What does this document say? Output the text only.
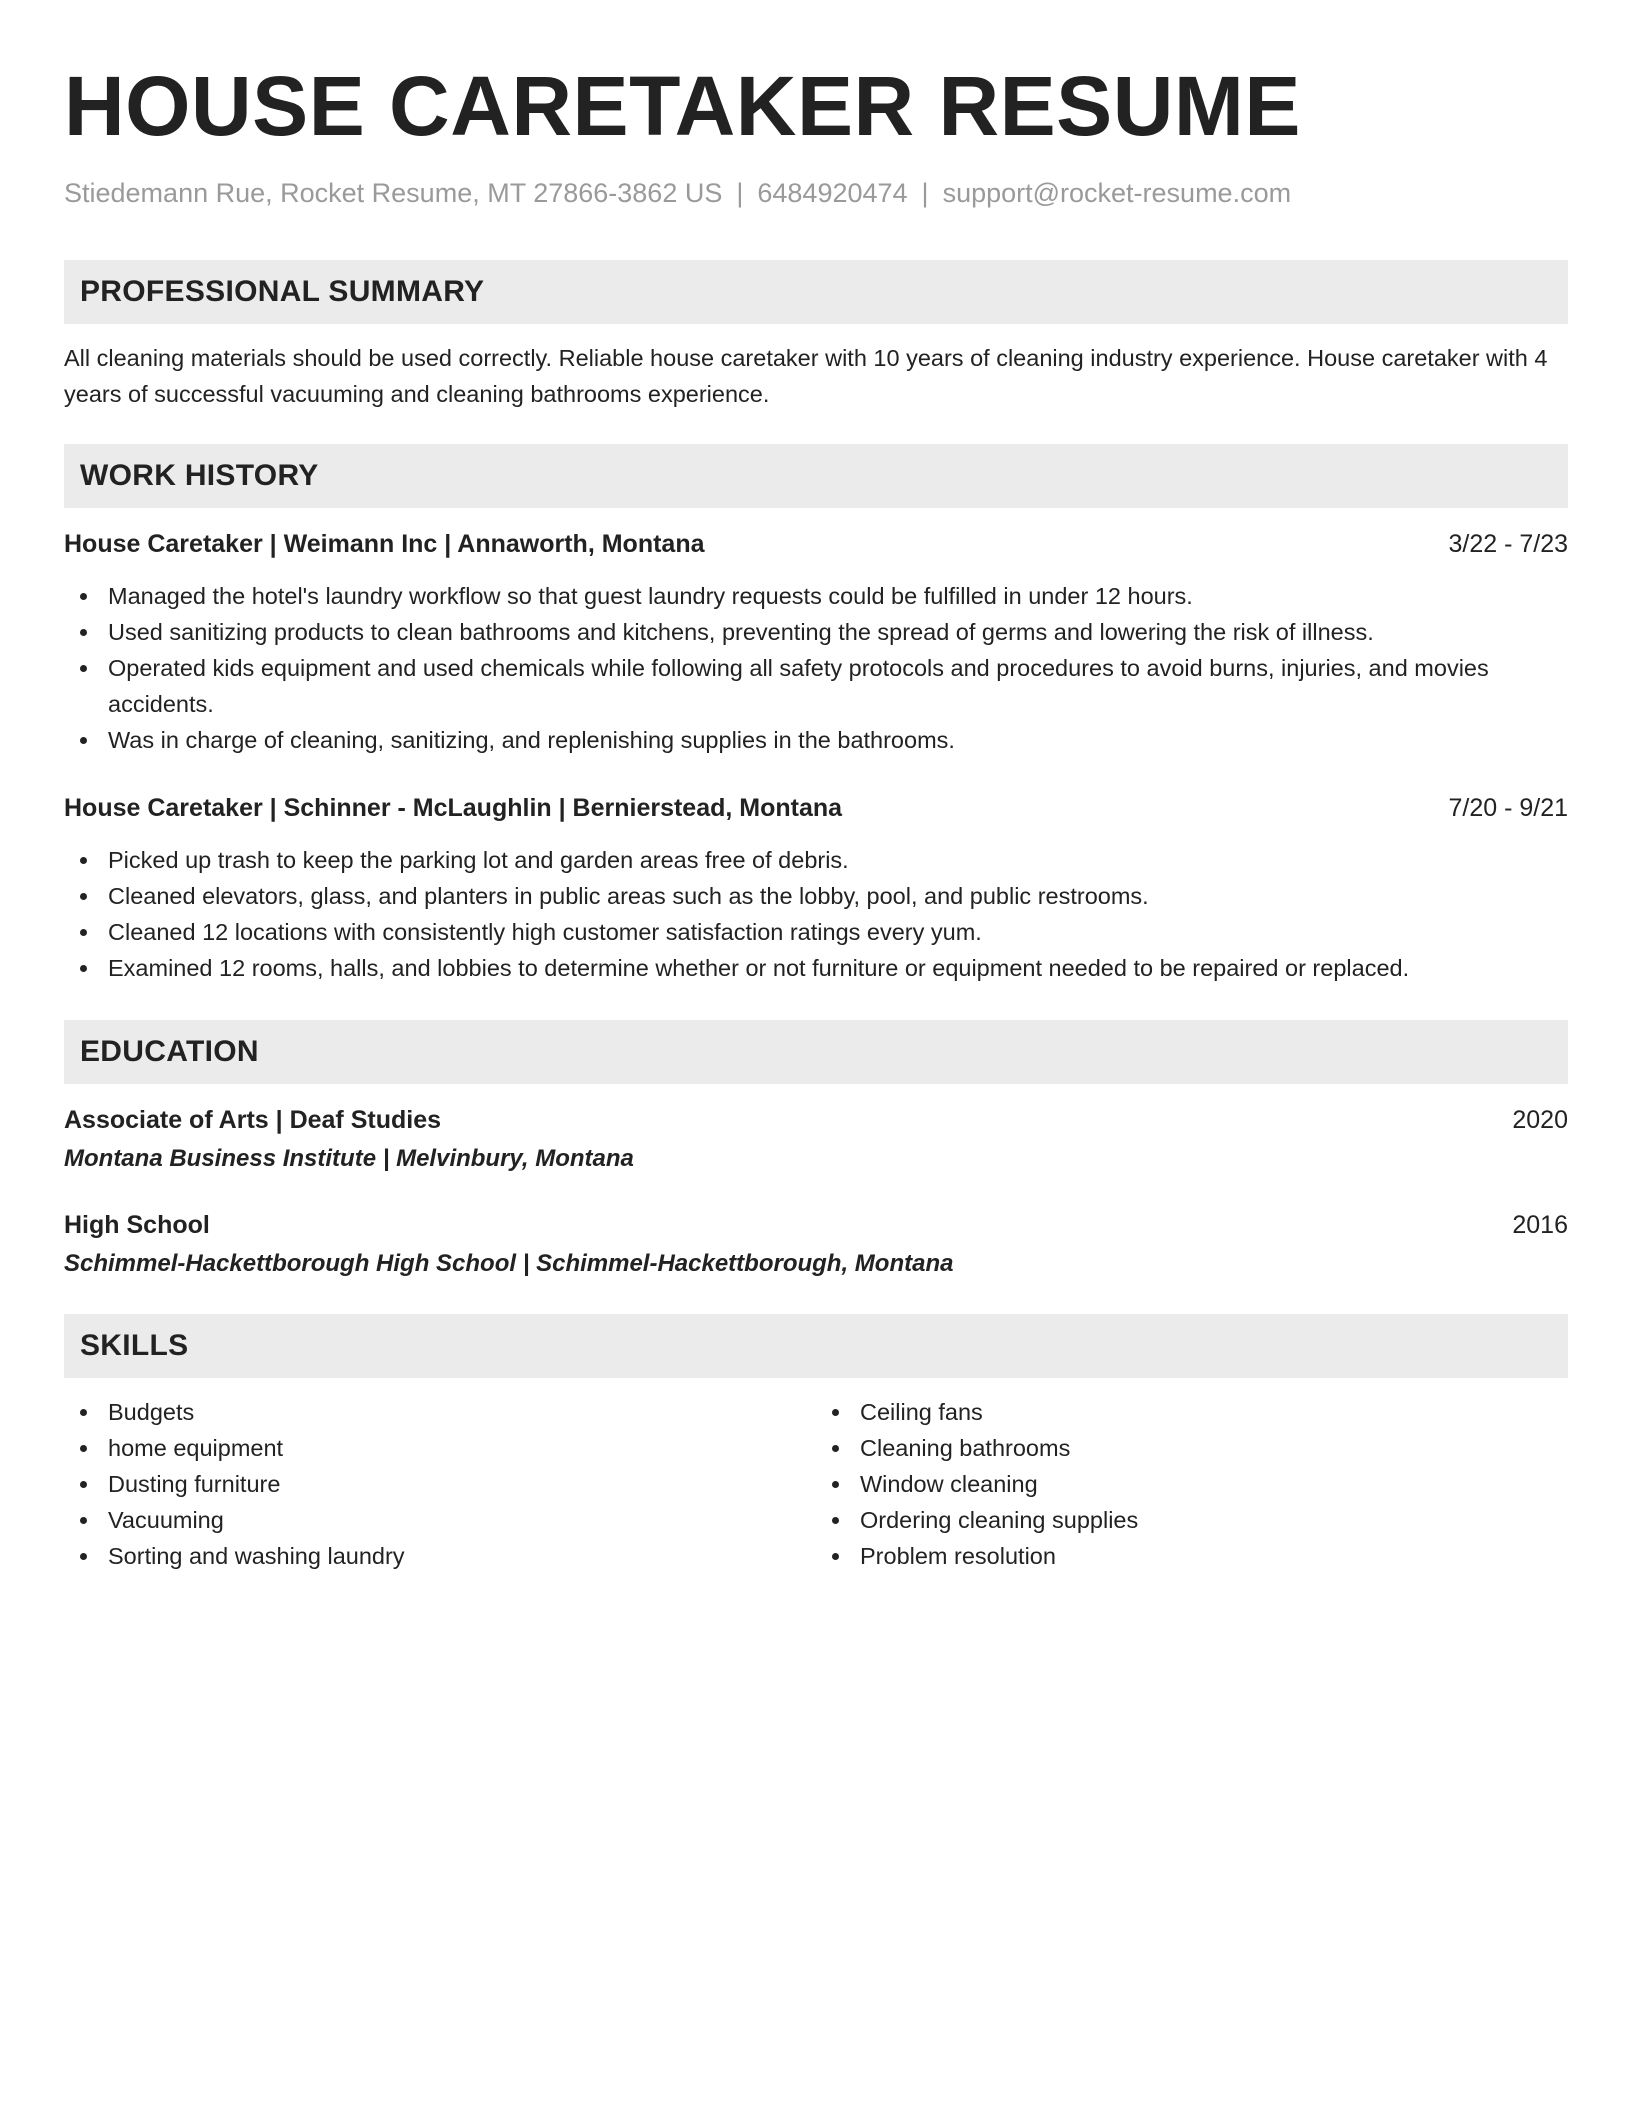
HOUSE CARETAKER RESUME
Stiedemann Rue, Rocket Resume, MT 27866-3862 US | 6484920474 | support@rocket-resume.com
PROFESSIONAL SUMMARY

All cleaning materials should be used correctly. Reliable house caretaker with 10 years of cleaning industry experience. House caretaker with 4 years of successful vacuuming and cleaning bathrooms experience.

WORK HISTORY
House Caretaker | Weimann Inc | Annaworth, Montana	3/22 - 7/23
Managed the hotel's laundry workflow so that guest laundry requests could be fulfilled in under 12 hours.
Used sanitizing products to clean bathrooms and kitchens, preventing the spread of germs and lowering the risk of illness.
Operated kids equipment and used chemicals while following all safety protocols and procedures to avoid burns, injuries, and movies accidents.
Was in charge of cleaning, sanitizing, and replenishing supplies in the bathrooms.
House Caretaker | Schinner - McLaughlin | Bernierstead, Montana	7/20 - 9/21
Picked up trash to keep the parking lot and garden areas free of debris.
Cleaned elevators, glass, and planters in public areas such as the lobby, pool, and public restrooms.
Cleaned 12 locations with consistently high customer satisfaction ratings every yum.
Examined 12 rooms, halls, and lobbies to determine whether or not furniture or equipment needed to be repaired or replaced.
EDUCATION
Associate of Arts | Deaf Studies	2020
Montana Business Institute | Melvinbury, Montana
High School	2016
Schimmel-Hackettborough High School | Schimmel-Hackettborough, Montana
SKILLS
Budgets
home equipment
Dusting furniture
Vacuuming
Sorting and washing laundry
Ceiling fans
Cleaning bathrooms
Window cleaning
Ordering cleaning supplies
Problem resolution
